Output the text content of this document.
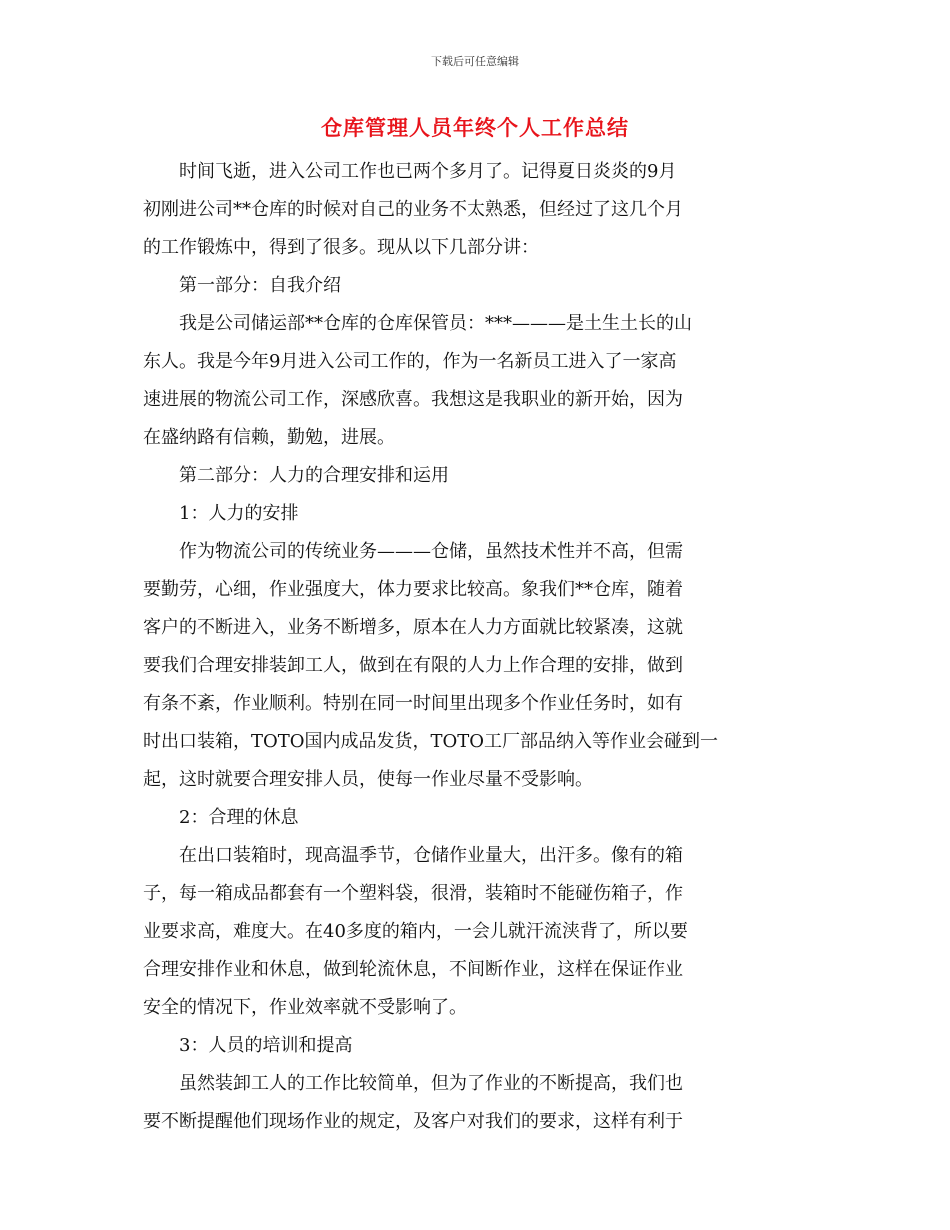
下载后可任意编辑
仓库管理人员年终个人工作总结
时间飞逝，进入公司工作也已两个多月了。记得夏日炎炎的9月
初刚进公司**仓库的时候对自己的业务不太熟悉，但经过了这几个月
的工作锻炼中，得到了很多。现从以下几部分讲：
第一部分：自我介绍
我是公司储运部**仓库的仓库保管员：***———是土生土长的山
东人。我是今年9月进入公司工作的，作为一名新员工进入了一家高
速进展的物流公司工作，深感欣喜。我想这是我职业的新开始，因为
在盛纳路有信赖，勤勉，进展。
第二部分：人力的合理安排和运用
1：人力的安排
作为物流公司的传统业务———仓储，虽然技术性并不高，但需
要勤劳，心细，作业强度大，体力要求比较高。象我们**仓库，随着
客户的不断进入，业务不断增多，原本在人力方面就比较紧凑，这就
要我们合理安排装卸工人，做到在有限的人力上作合理的安排，做到
有条不紊，作业顺利。特别在同一时间里出现多个作业任务时，如有
时出口装箱，TOTO国内成品发货，TOTO工厂部品纳入等作业会碰到一
起，这时就要合理安排人员，使每一作业尽量不受影响。
2：合理的休息
在出口装箱时，现高温季节，仓储作业量大，出汗多。像有的箱
子，每一箱成品都套有一个塑料袋，很滑，装箱时不能碰伤箱子，作
业要求高，难度大。在40多度的箱内，一会儿就汗流浃背了，所以要
合理安排作业和休息，做到轮流休息，不间断作业，这样在保证作业
安全的情况下，作业效率就不受影响了。
3：人员的培训和提高
虽然装卸工人的工作比较简单，但为了作业的不断提高，我们也
要不断提醒他们现场作业的规定，及客户对我们的要求，这样有利于
